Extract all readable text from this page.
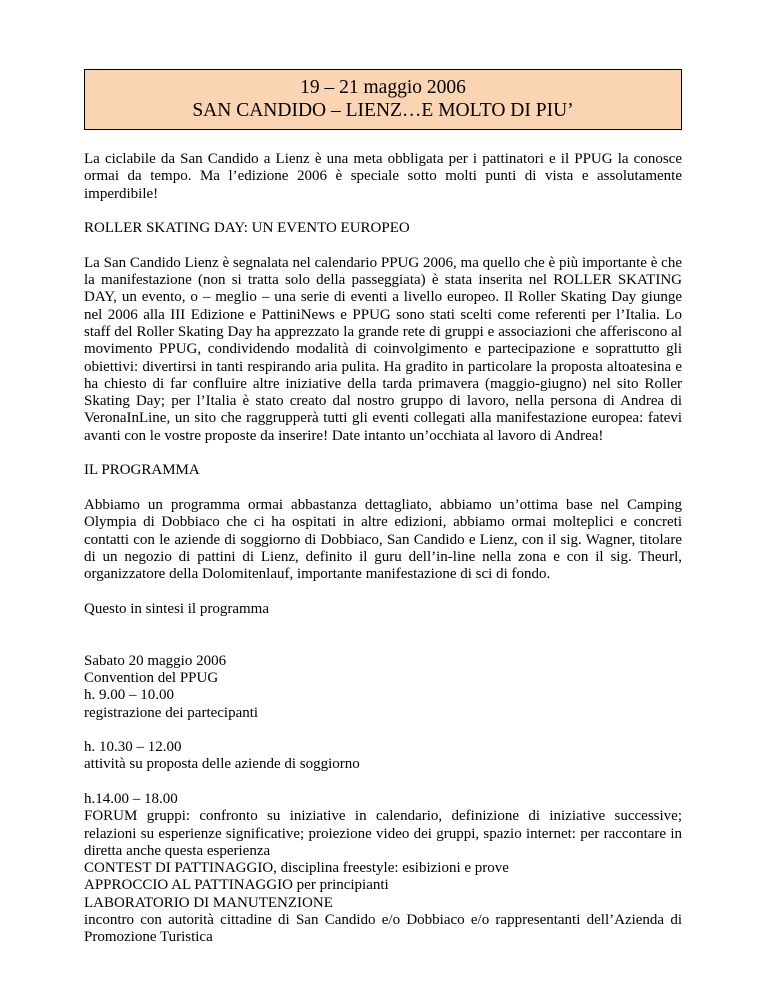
19 – 21 maggio 2006
SAN CANDIDO – LIENZ…E MOLTO DI PIU’

La ciclabile da San Candido a Lienz è una meta obbligata per i pattinatori e il PPUG la conosce ormai da tempo. Ma l’edizione 2006 è speciale sotto molti punti di vista e assolutamente imperdibile!

ROLLER SKATING DAY: UN EVENTO EUROPEO

La San Candido Lienz è segnalata nel calendario PPUG 2006, ma quello che è più importante è che la manifestazione (non si tratta solo della passeggiata) è stata inserita nel ROLLER SKATING DAY, un evento, o – meglio – una serie di eventi a livello europeo. Il Roller Skating Day giunge nel 2006 alla III Edizione e PattiniNews e PPUG sono stati scelti come referenti per l’Italia. Lo staff del Roller Skating Day ha apprezzato la grande rete di gruppi e associazioni che afferiscono al movimento PPUG, condividendo modalità di coinvolgimento e partecipazione e soprattutto gli obiettivi: divertirsi in tanti respirando aria pulita. Ha gradito in particolare la proposta altoatesina e ha chiesto di far confluire altre iniziative della tarda primavera (maggio-giugno) nel sito Roller Skating Day; per l’Italia è stato creato dal nostro gruppo di lavoro, nella persona di Andrea di VeronaInLine, un sito che raggrupperà tutti gli eventi collegati alla manifestazione europea: fatevi avanti con le vostre proposte da inserire! Date intanto un’occhiata al lavoro di Andrea!

IL PROGRAMMA

Abbiamo un programma ormai abbastanza dettagliato, abbiamo un’ottima base nel Camping Olympia di Dobbiaco che ci ha ospitati in altre edizioni, abbiamo ormai molteplici e concreti contatti con le aziende di soggiorno di Dobbiaco, San Candido e Lienz, con il sig. Wagner, titolare di un negozio di pattini di Lienz, definito il guru dell’in-line nella zona e con il sig. Theurl, organizzatore della Dolomitenlauf, importante manifestazione di sci di fondo.

Questo in sintesi il programma

Sabato 20 maggio 2006
Convention del PPUG
h. 9.00 – 10.00
registrazione dei partecipanti
h. 10.30 – 12.00
attività su proposta delle aziende di soggiorno
h.14.00 – 18.00
FORUM gruppi: confronto su iniziative in calendario, definizione di iniziative successive; relazioni su esperienze significative; proiezione video dei gruppi, spazio internet: per raccontare in diretta anche questa esperienza
CONTEST DI PATTINAGGIO, disciplina freestyle: esibizioni e prove
APPROCCIO AL PATTINAGGIO per principianti
LABORATORIO DI MANUTENZIONE
incontro con autorità cittadine di San Candido e/o Dobbiaco e/o rappresentanti dell’Azienda di Promozione Turistica
